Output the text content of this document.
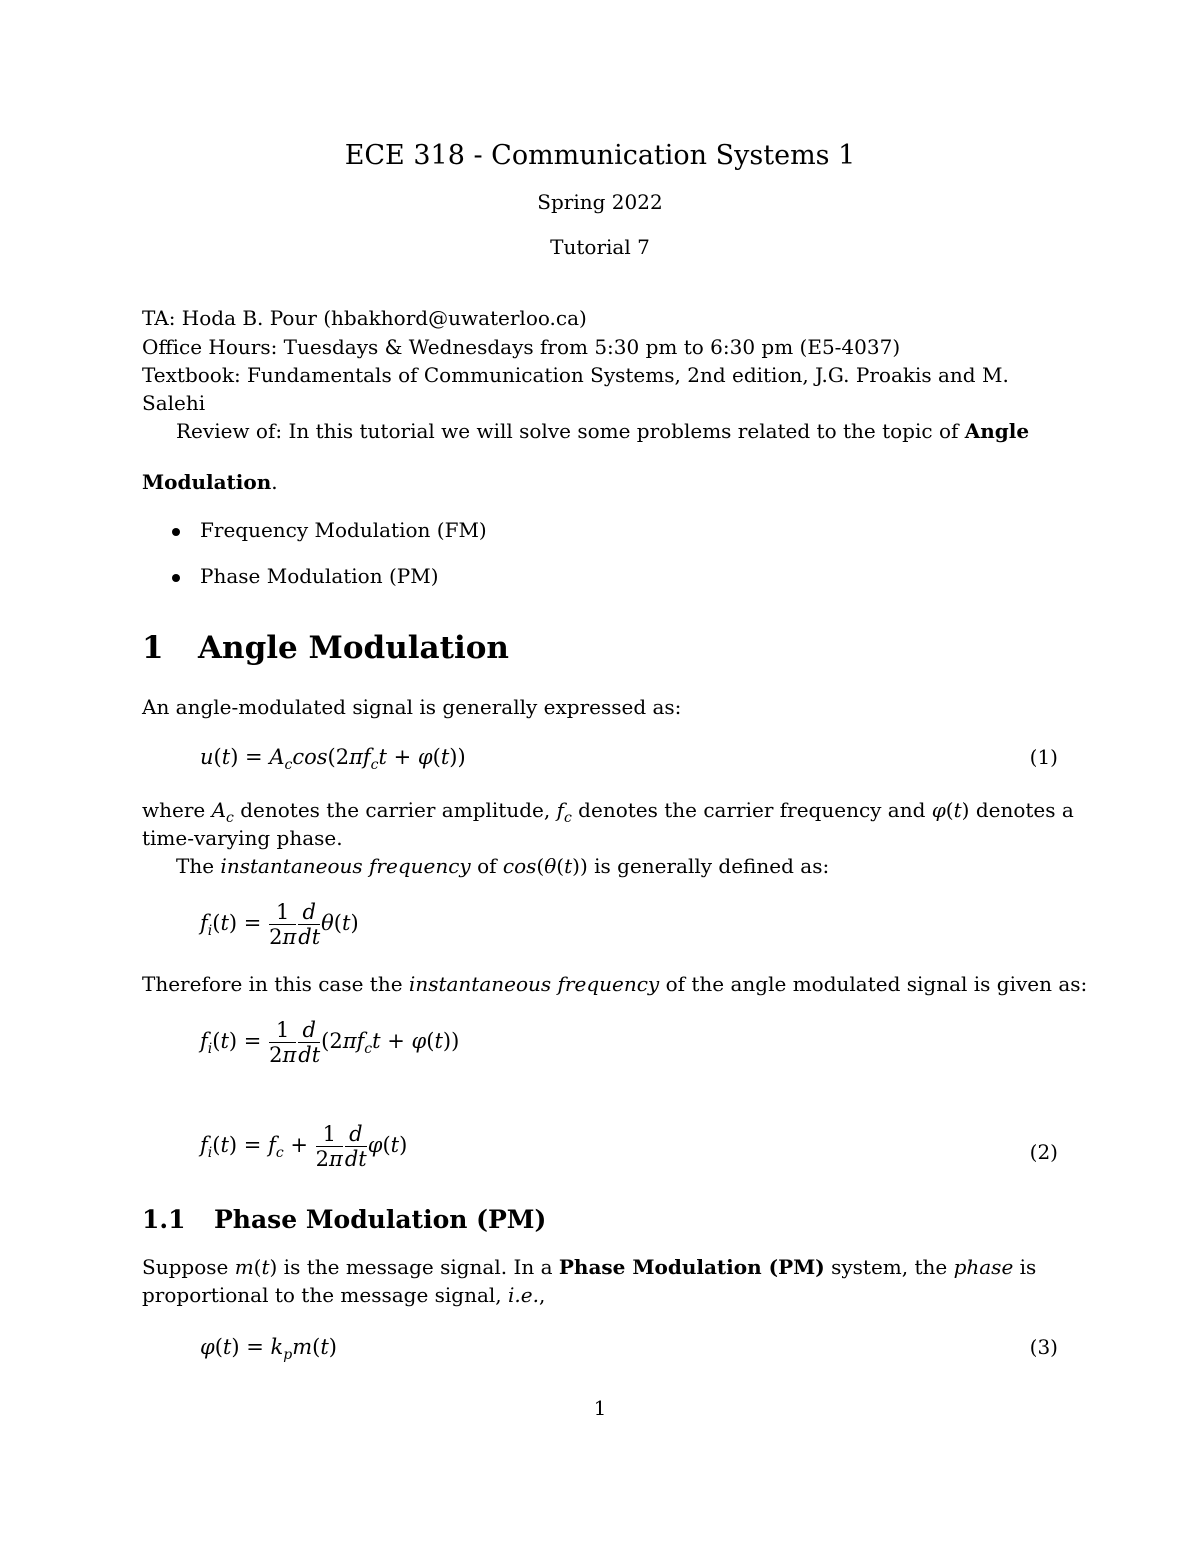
ECE 318 - Communication Systems 1
Spring 2022
Tutorial 7
TA: Hoda B. Pour (hbakhord@uwaterloo.ca)
Office Hours: Tuesdays & Wednesdays from 5:30 pm to 6:30 pm (E5-4037)
Textbook: Fundamentals of Communication Systems, 2nd edition, J.G. Proakis and M.
Salehi
Review of: In this tutorial we will solve some problems related to the topic of Angle
Modulation.
Frequency Modulation (FM)
Phase Modulation (PM)
1 Angle Modulation
An angle-modulated signal is generally expressed as:
$u(t) = A_c\cos(2\pi f_ct + \varphi(t))$	(1)
where $A_c$ denotes the carrier amplitude, $f_c$ denotes the carrier frequency and φ(t) denotes a
time-varying phase.
The instantaneous frequency of cos(θ(t)) is generally defined as:
$f_i(t) = \frac{1}{2\pi} \frac{d}{dt} \theta(t)$
Therefore in this case the instantaneous frequency of the angle modulated signal is given as:
$f_i(t) = \frac{1}{2\pi} \frac{d}{dt} (2\pi f_ct + \varphi(t))$
$f_i(t) = f_c + \frac{1}{2\pi} \frac{d}{dt} \varphi(t)$	(2)
1.1 Phase Modulation (PM)
Suppose m(t) is the message signal. In a Phase Modulation (PM) system, the phase is
proportional to the message signal, i.e.,
$\varphi(t) = k_pm(t)$	(3)
1
